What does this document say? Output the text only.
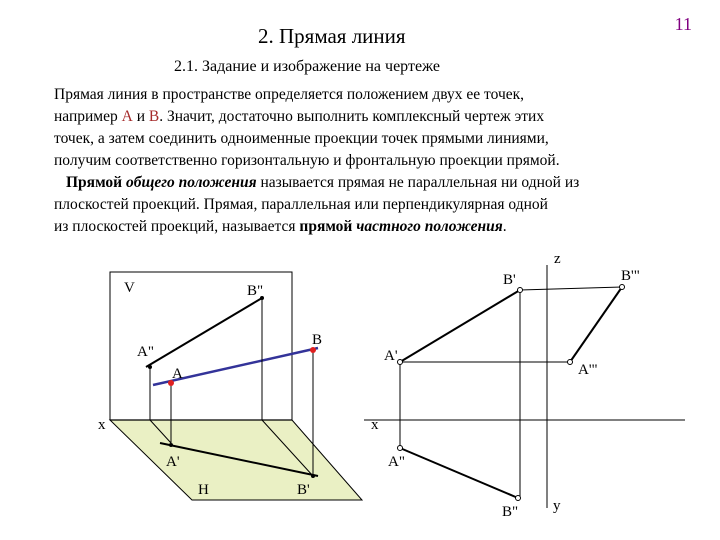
11
2. Прямая линия
2.1. Задание и изображение на чертеже
Прямая линия в пространстве определяется положением двух ее точек,
например А и В. Значит, достаточно выполнить комплексный чертеж этих
точек, а затем соединить одноименные проекции точек прямыми линиями,
получим соответственно горизонтальную и фронтальную проекции прямой.
Прямой общего положения называется прямая не параллельная ни одной из
плоскостей проекций. Прямая, параллельная или перпендикулярная одной
из плоскостей проекций, называется прямой частного положения.
V
H
x
В"
В
А"
А
А'
В'
z
y
x
В'	В'"
А'
А'"
А"
В"
